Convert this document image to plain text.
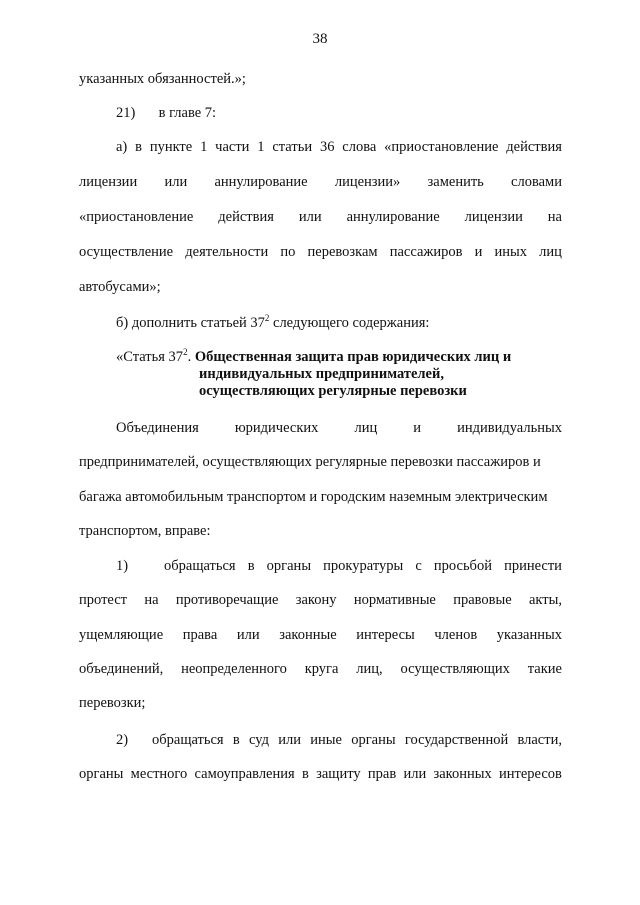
38
указанных обязанностей.»;
21) в главе 7:
а) в пункте 1 части 1 статьи 36 слова «приостановление действия
лицензии или аннулирование лицензии» заменить словами
«приостановление действия или аннулирование лицензии на
осуществление деятельности по перевозкам пассажиров и иных лиц
автобусами»;
б) дополнить статьей $37^2$ следующего содержания:
«Статья $37^2$. Общественная защита прав юридических лиц и
индивидуальных предпринимателей,
осуществляющих регулярные перевозки
Объединения юридических лиц и индивидуальных
предпринимателей, осуществляющих регулярные перевозки пассажиров и
багажа автомобильным транспортом и городским наземным электрическим
транспортом, вправе:
1) обращаться в органы прокуратуры с просьбой принести
протест на противоречащие закону нормативные правовые акты,
ущемляющие права или законные интересы членов указанных
объединений, неопределенного круга лиц, осуществляющих такие
перевозки;
2) обращаться в суд или иные органы государственной власти,
органы местного самоуправления в защиту прав или законных интересов
